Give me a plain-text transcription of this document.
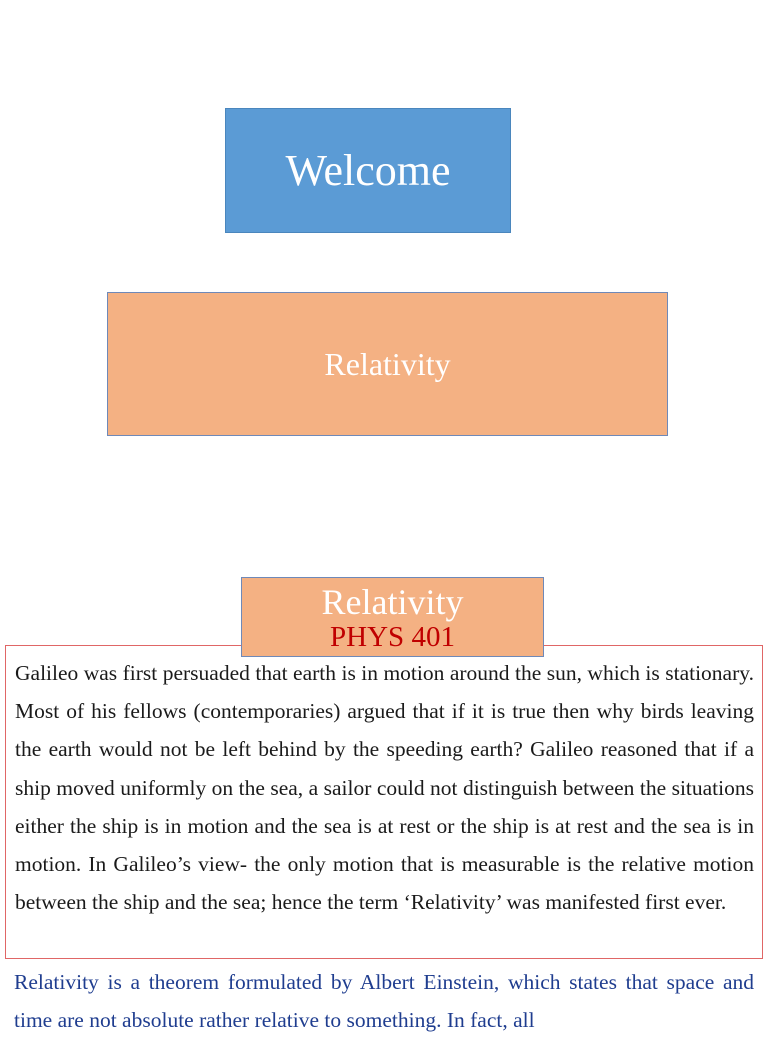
Welcome
Relativity
Relativity
PHYS 401

Galileo was first persuaded that earth is in motion around the sun, which is stationary. Most of his fellows (contemporaries) argued that if it is true then why birds leaving the earth would not be left behind by the speeding earth? Galileo reasoned that if a ship moved uniformly on the sea, a sailor could not distinguish between the situations either the ship is in motion and the sea is at rest or the ship is at rest and the sea is in motion. In Galileo’s view- the only motion that is measurable is the relative motion between the ship and the sea; hence the term ‘Relativity’ was manifested first ever.

Relativity is a theorem formulated by Albert Einstein, which states that space and time are not absolute rather relative to something. In fact, all
